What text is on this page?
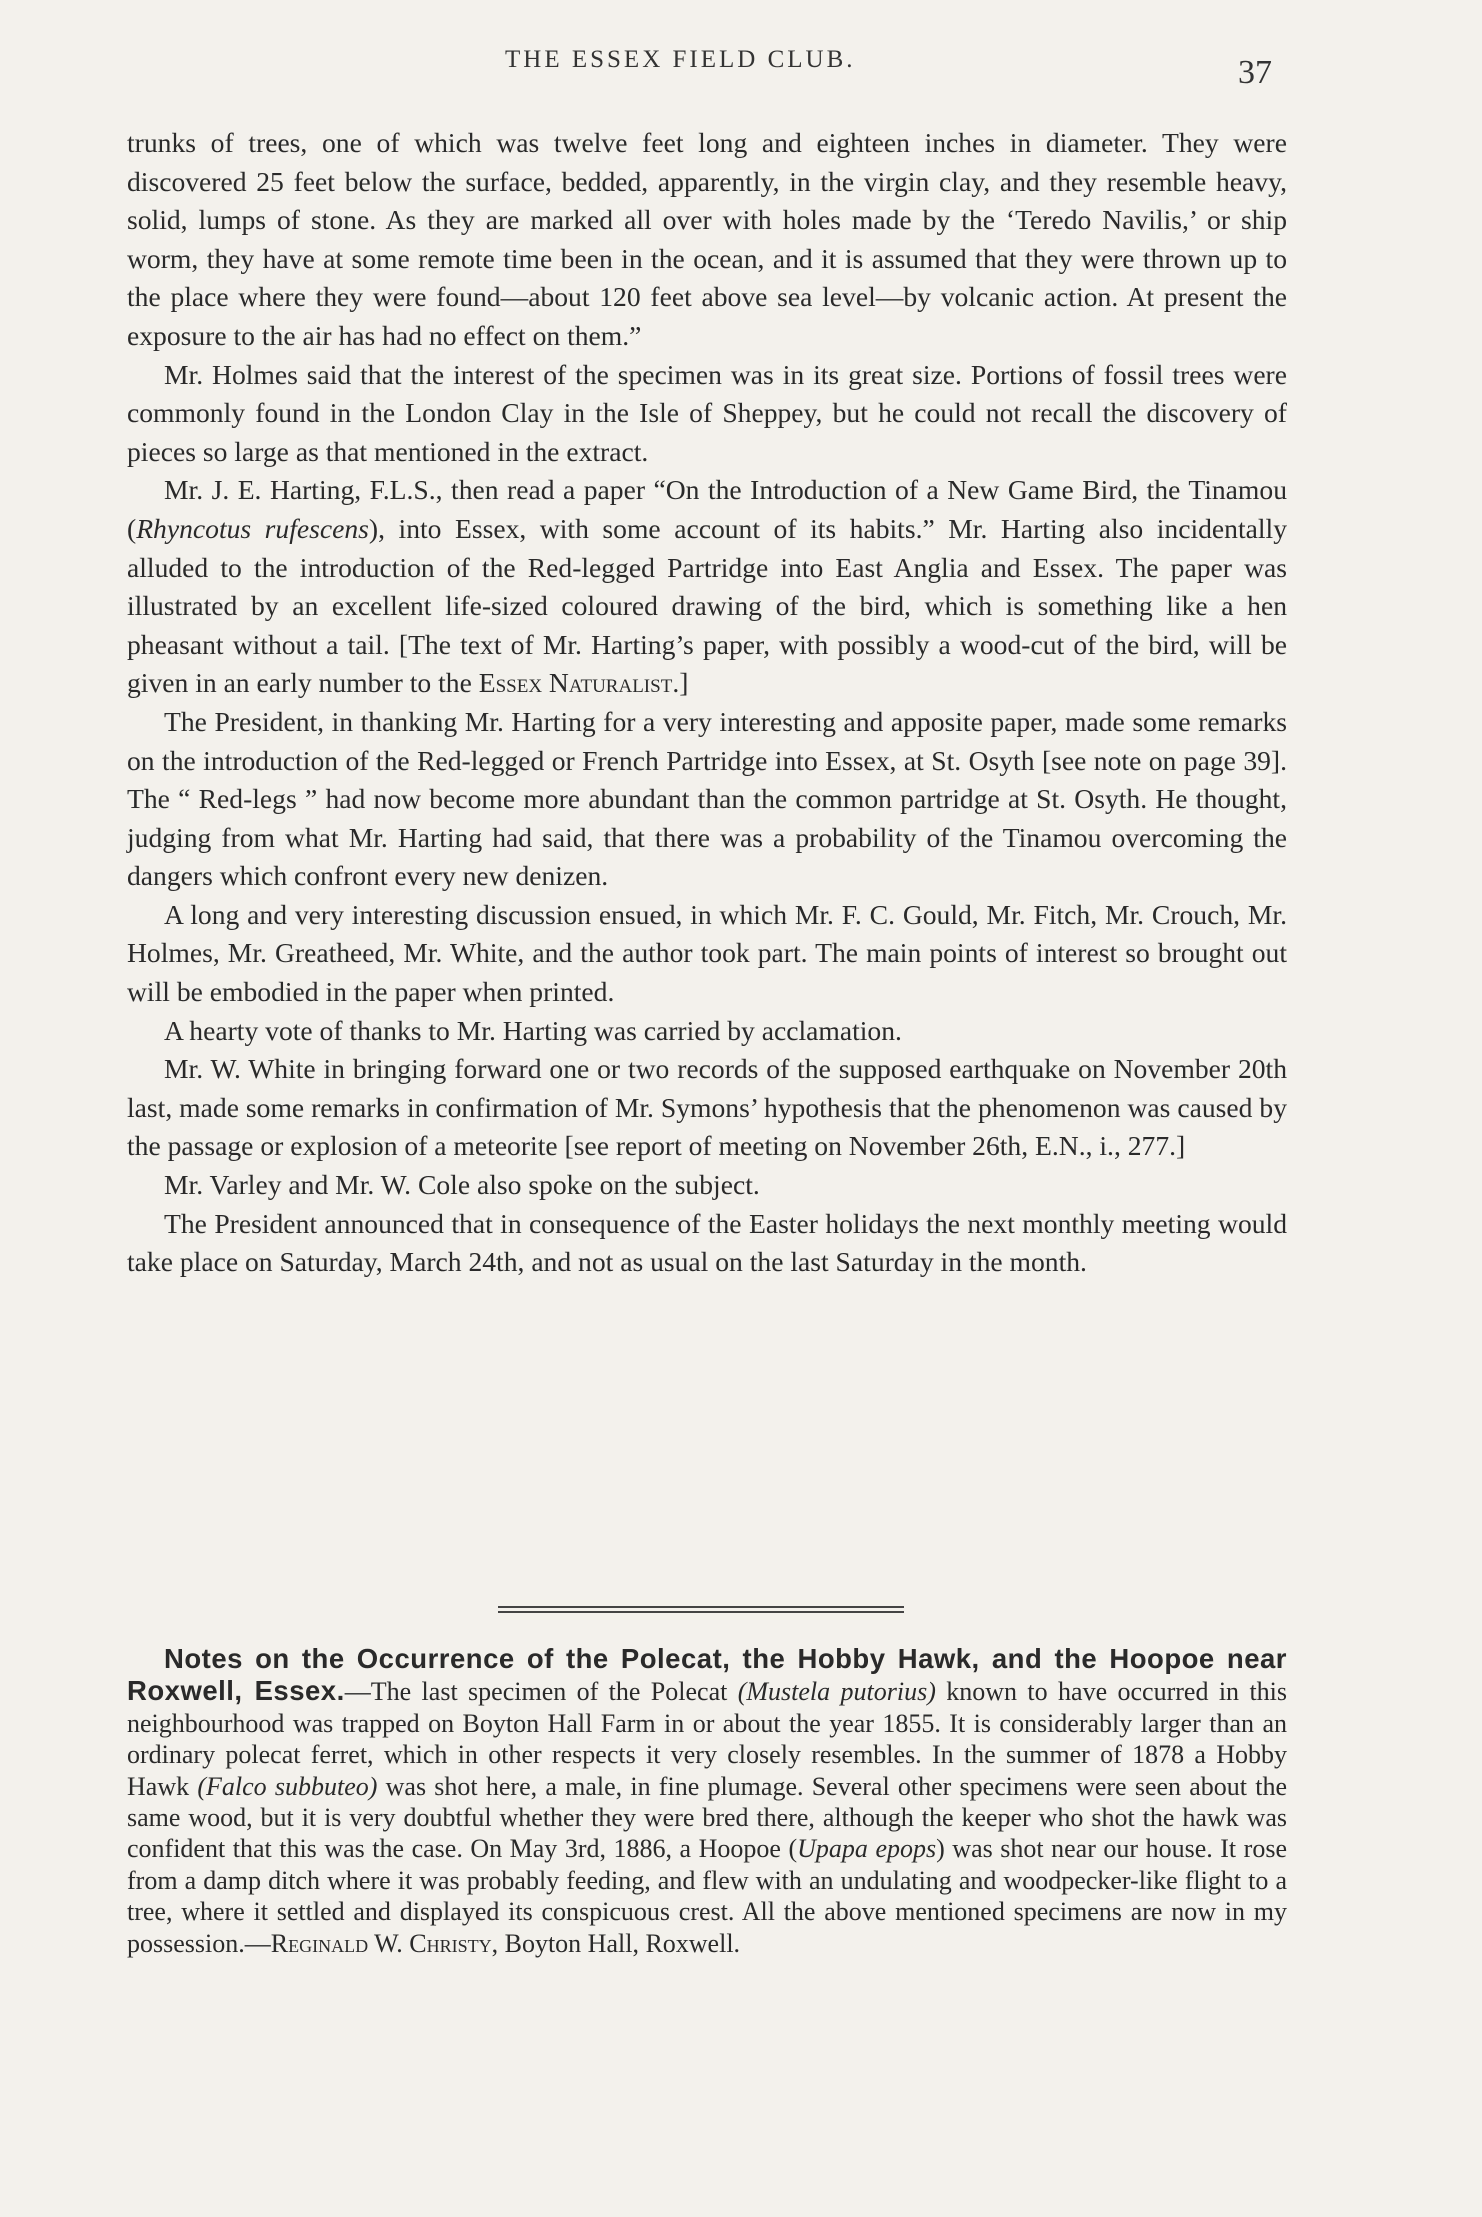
THE ESSEX FIELD CLUB.	37

trunks of trees, one of which was twelve feet long and eighteen inches in diameter. They were discovered 25 feet below the surface, bedded, apparently, in the virgin clay, and they resemble heavy, solid, lumps of stone. As they are marked all over with holes made by the ‘Teredo Navilis,’ or ship worm, they have at some remote time been in the ocean, and it is assumed that they were thrown up to the place where they were found—about 120 feet above sea level—by volcanic action. At present the exposure to the air has had no effect on them.”

Mr. Holmes said that the interest of the specimen was in its great size. Portions of fossil trees were commonly found in the London Clay in the Isle of Sheppey, but he could not recall the discovery of pieces so large as that mentioned in the extract.

Mr. J. E. Harting, F.L.S., then read a paper “On the Introduction of a New Game Bird, the Tinamou (Rhyncotus rufescens), into Essex, with some account of its habits.” Mr. Harting also incidentally alluded to the introduction of the Red-legged Partridge into East Anglia and Essex. The paper was illustrated by an excellent life-sized coloured drawing of the bird, which is something like a hen pheasant without a tail. [The text of Mr. Harting’s paper, with possibly a wood-cut of the bird, will be given in an early number to the Essex Naturalist.]

The President, in thanking Mr. Harting for a very interesting and apposite paper, made some remarks on the introduction of the Red-legged or French Partridge into Essex, at St. Osyth [see note on page 39]. The “ Red-legs ” had now become more abundant than the common partridge at St. Osyth. He thought, judging from what Mr. Harting had said, that there was a probability of the Tinamou overcoming the dangers which confront every new denizen.

A long and very interesting discussion ensued, in which Mr. F. C. Gould, Mr. Fitch, Mr. Crouch, Mr. Holmes, Mr. Greatheed, Mr. White, and the author took part. The main points of interest so brought out will be embodied in the paper when printed.

A hearty vote of thanks to Mr. Harting was carried by acclamation.

Mr. W. White in bringing forward one or two records of the supposed earthquake on November 20th last, made some remarks in confirmation of Mr. Symons’ hypothesis that the phenomenon was caused by the passage or explosion of a meteorite [see report of meeting on November 26th, E.N., i., 277.]

Mr. Varley and Mr. W. Cole also spoke on the subject.

The President announced that in consequence of the Easter holidays the next monthly meeting would take place on Saturday, March 24th, and not as usual on the last Saturday in the month.

Notes on the Occurrence of the Polecat, the Hobby Hawk, and the Hoopoe near Roxwell, Essex.—The last specimen of the Polecat (Mustela putorius) known to have occurred in this neighbourhood was trapped on Boyton Hall Farm in or about the year 1855. It is considerably larger than an ordinary polecat ferret, which in other respects it very closely resembles. In the summer of 1878 a Hobby Hawk (Falco subbuteo) was shot here, a male, in fine plumage. Several other specimens were seen about the same wood, but it is very doubtful whether they were bred there, although the keeper who shot the hawk was confident that this was the case. On May 3rd, 1886, a Hoopoe (Upapa epops) was shot near our house. It rose from a damp ditch where it was probably feeding, and flew with an undulating and woodpecker-like flight to a tree, where it settled and displayed its conspicuous crest. All the above mentioned specimens are now in my possession.—Reginald W. Christy, Boyton Hall, Roxwell.
